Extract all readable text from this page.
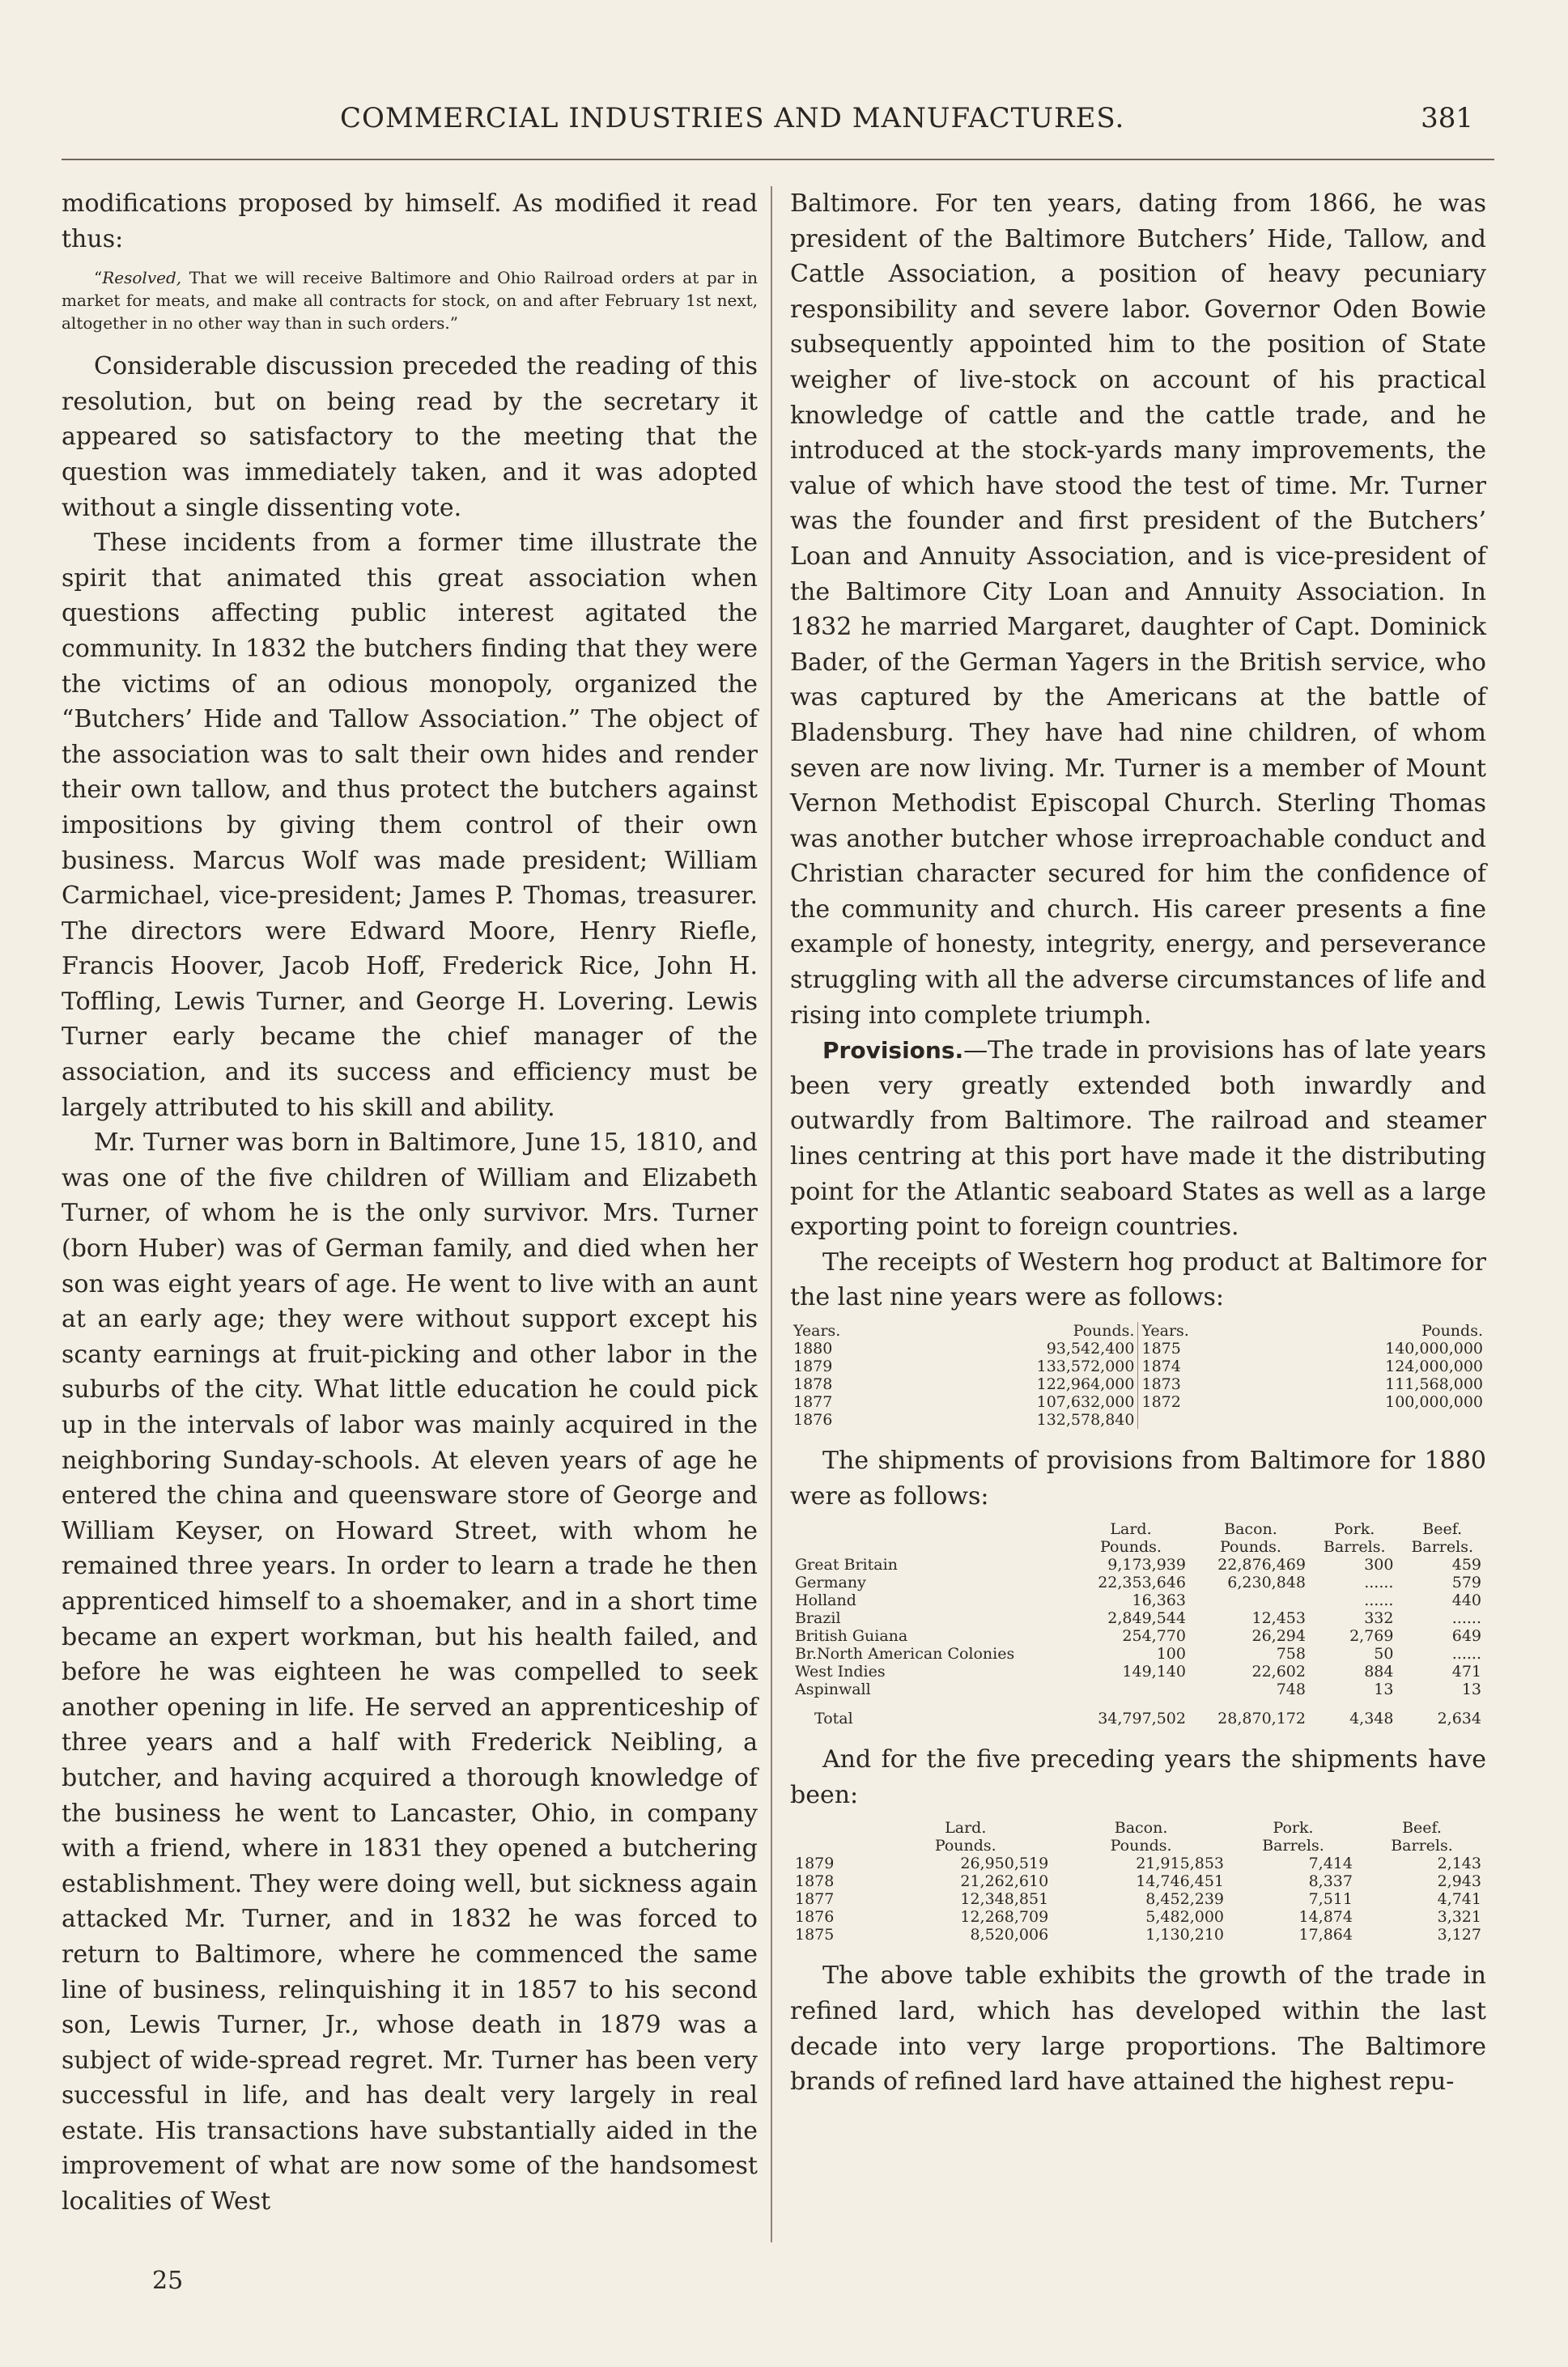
COMMERCIAL INDUSTRIES AND MANUFACTURES.	381

modifications proposed by himself. As modified it read thus:

“Resolved, That we will receive Baltimore and Ohio Railroad orders at par in market for meats, and make all contracts for stock, on and after February 1st next, altogether in no other way than in such orders.”

Considerable discussion preceded the reading of this resolution, but on being read by the secretary it appeared so satisfactory to the meeting that the question was immediately taken, and it was adopted without a single dissenting vote.

These incidents from a former time illustrate the spirit that animated this great association when questions affecting public interest agitated the community. In 1832 the butchers finding that they were the victims of an odious monopoly, organized the “Butchers’ Hide and Tallow Association.” The object of the association was to salt their own hides and render their own tallow, and thus protect the butchers against impositions by giving them control of their own business. Marcus Wolf was made president; William Carmichael, vice-president; James P. Thomas, treasurer. The directors were Edward Moore, Henry Riefle, Francis Hoover, Jacob Hoff, Frederick Rice, John H. Toffling, Lewis Turner, and George H. Lovering. Lewis Turner early became the chief manager of the association, and its success and efficiency must be largely attributed to his skill and ability.

Mr. Turner was born in Baltimore, June 15, 1810, and was one of the five children of William and Elizabeth Turner, of whom he is the only survivor. Mrs. Turner (born Huber) was of German family, and died when her son was eight years of age. He went to live with an aunt at an early age; they were without support except his scanty earnings at fruit-picking and other labor in the suburbs of the city. What little education he could pick up in the intervals of labor was mainly acquired in the neighboring Sunday-schools. At eleven years of age he entered the china and queensware store of George and William Keyser, on Howard Street, with whom he remained three years. In order to learn a trade he then apprenticed himself to a shoemaker, and in a short time became an expert workman, but his health failed, and before he was eighteen he was compelled to seek another opening in life. He served an apprenticeship of three years and a half with Frederick Neibling, a butcher, and having acquired a thorough knowledge of the business he went to Lancaster, Ohio, in company with a friend, where in 1831 they opened a butchering establishment. They were doing well, but sickness again attacked Mr. Turner, and in 1832 he was forced to return to Baltimore, where he commenced the same line of business, relinquishing it in 1857 to his second son, Lewis Turner, Jr., whose death in 1879 was a subject of wide-spread regret. Mr. Turner has been very successful in life, and has dealt very largely in real estate. His transactions have substantially aided in the improvement of what are now some of the handsomest localities of West

25

Baltimore. For ten years, dating from 1866, he was president of the Baltimore Butchers’ Hide, Tallow, and Cattle Association, a position of heavy pecuniary responsibility and severe labor. Governor Oden Bowie subsequently appointed him to the position of State weigher of live-stock on account of his practical knowledge of cattle and the cattle trade, and he introduced at the stock-yards many improvements, the value of which have stood the test of time. Mr. Turner was the founder and first president of the Butchers’ Loan and Annuity Association, and is vice-president of the Baltimore City Loan and Annuity Association. In 1832 he married Margaret, daughter of Capt. Dominick Bader, of the German Yagers in the British service, who was captured by the Americans at the battle of Bladensburg. They have had nine children, of whom seven are now living. Mr. Turner is a member of Mount Vernon Methodist Episcopal Church. Sterling Thomas was another butcher whose irreproachable conduct and Christian character secured for him the confidence of the community and church. His career presents a fine example of honesty, integrity, energy, and perseverance struggling with all the adverse circumstances of life and rising into complete triumph.

Provisions.—The trade in provisions has of late years been very greatly extended both inwardly and outwardly from Baltimore. The railroad and steamer lines centring at this port have made it the distributing point for the Atlantic seaboard States as well as a large exporting point to foreign countries.

The receipts of Western hog product at Baltimore for the last nine years were as follows:

Years.	Pounds.	Years.	Pounds.
1880	93,542,400	1875	140,000,000
1879	133,572,000	1874	124,000,000
1878	122,964,000	1873	111,568,000
1877	107,632,000	1872	100,000,000
1876	132,578,840		

The shipments of provisions from Baltimore for 1880 were as follows:

	Lard.	Bacon.	Pork.	Beef.
	Pounds.	Pounds.	Barrels.	Barrels.
Great Britain	9,173,939	22,876,469	300	459
Germany	22,353,646	6,230,848	......	579
Holland	16,363		......	440
Brazil	2,849,544	12,453	332	......
British Guiana	254,770	26,294	2,769	649
Br.North American Colonies	100	758	50	......
West Indies	149,140	22,602	884	471
Aspinwall		748	13	13
Total	34,797,502	28,870,172	4,348	2,634

And for the five preceding years the shipments have been:

	Lard.	Bacon.	Pork.	Beef.
	Pounds.	Pounds.	Barrels.	Barrels.
1879	26,950,519	21,915,853	7,414	2,143
1878	21,262,610	14,746,451	8,337	2,943
1877	12,348,851	8,452,239	7,511	4,741
1876	12,268,709	5,482,000	14,874	3,321
1875	8,520,006	1,130,210	17,864	3,127

The above table exhibits the growth of the trade in refined lard, which has developed within the last decade into very large proportions. The Baltimore brands of refined lard have attained the highest repu-
